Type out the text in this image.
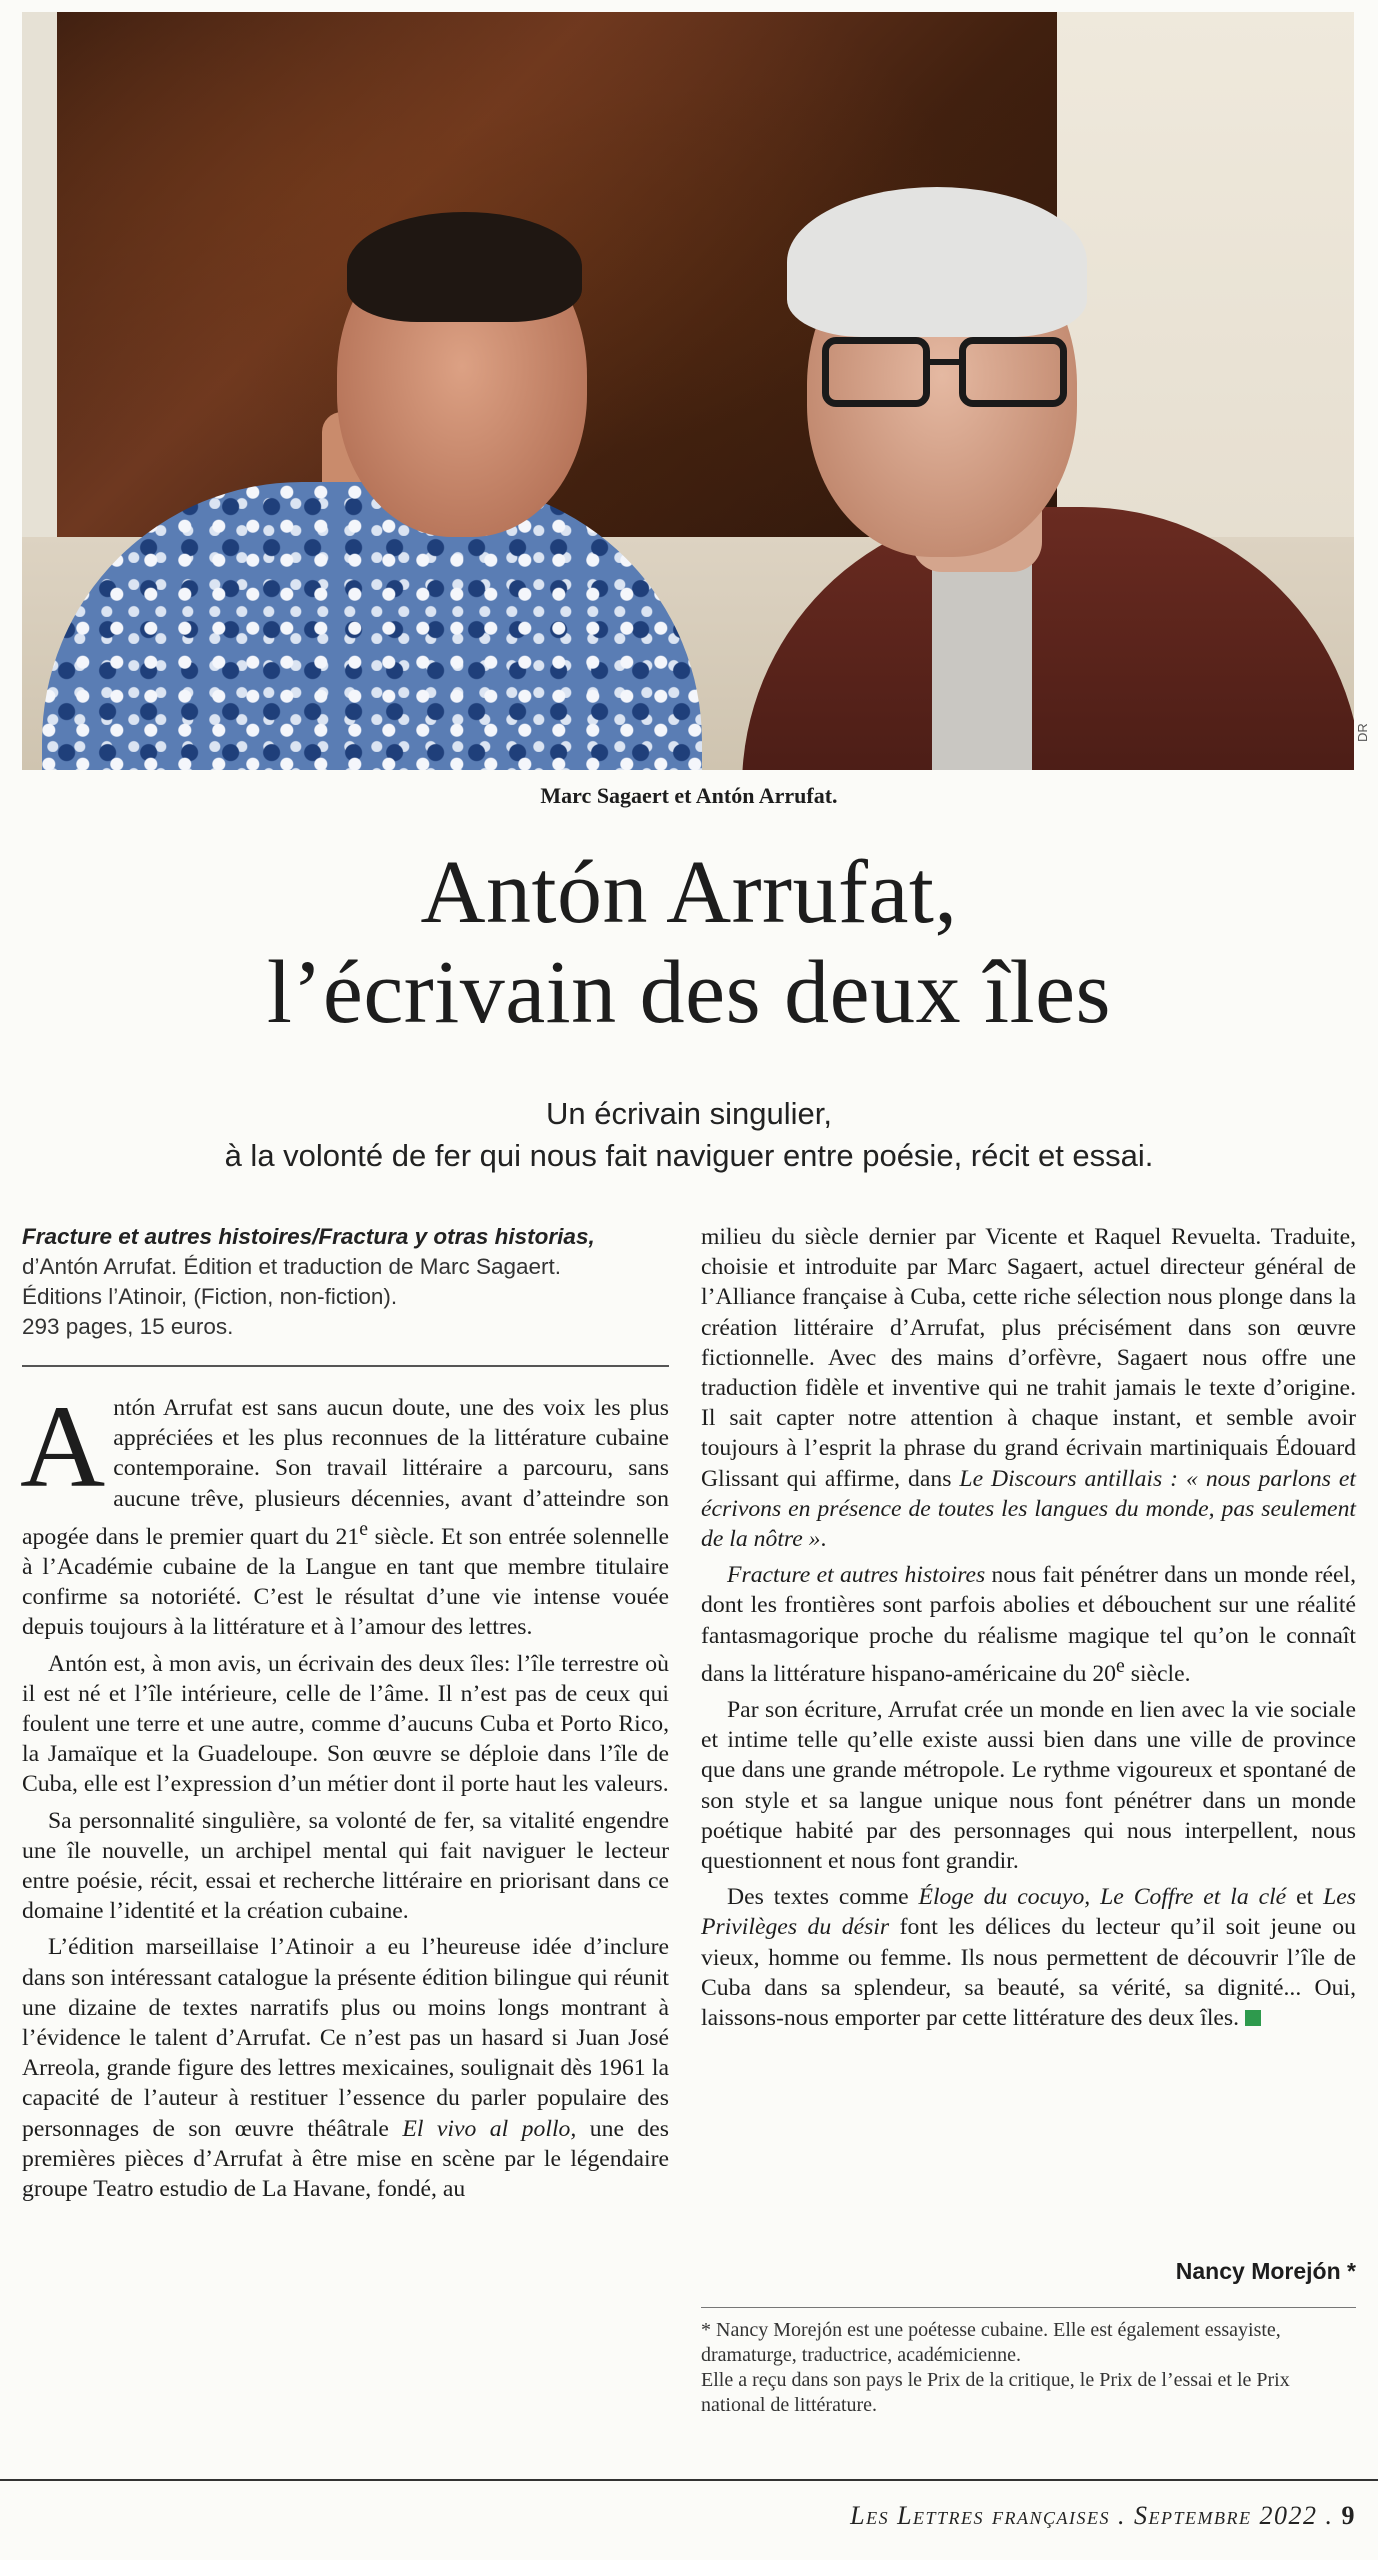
DR
Marc Sagaert et Antón Arrufat.
Antón Arrufat,
l’écrivain des deux îles
Un écrivain singulier,
à la volonté de fer qui nous fait naviguer entre poésie, récit et essai.
Fracture et autres histoires/Fractura y otras historias,
d’Antón Arrufat. Édition et traduction de Marc Sagaert.
Éditions l’Atinoir, (Fiction, non-fiction).
293 pages, 15 euros.

Antón Arrufat est sans aucun doute, une des voix les plus appréciées et les plus reconnues de la littérature cubaine contemporaine. Son travail littéraire a parcouru, sans aucune trêve, plusieurs décennies, avant d’atteindre son apogée dans le premier quart du 21e siècle. Et son entrée solennelle à l’Académie cubaine de la Langue en tant que membre titulaire confirme sa notoriété. C’est le résultat d’une vie intense vouée depuis toujours à la littérature et à l’amour des lettres.

Antón est, à mon avis, un écrivain des deux îles: l’île terrestre où il est né et l’île intérieure, celle de l’âme. Il n’est pas de ceux qui foulent une terre et une autre, comme d’aucuns Cuba et Porto Rico, la Jamaïque et la Guadeloupe. Son œuvre se déploie dans l’île de Cuba, elle est l’expression d’un métier dont il porte haut les valeurs.

Sa personnalité singulière, sa volonté de fer, sa vitalité engendre une île nouvelle, un archipel mental qui fait naviguer le lecteur entre poésie, récit, essai et recherche littéraire en priorisant dans ce domaine l’identité et la création cubaine.

L’édition marseillaise l’Atinoir a eu l’heureuse idée d’inclure dans son intéressant catalogue la présente édition bilingue qui réunit une dizaine de textes narratifs plus ou moins longs montrant à l’évidence le talent d’Arrufat. Ce n’est pas un hasard si Juan José Arreola, grande figure des lettres mexicaines, soulignait dès 1961 la capacité de l’auteur à restituer l’essence du parler populaire des personnages de son œuvre théâtrale El vivo al pollo, une des premières pièces d’Arrufat à être mise en scène par le légendaire groupe Teatro estudio de La Havane, fondé, au

milieu du siècle dernier par Vicente et Raquel Revuelta. Traduite, choisie et introduite par Marc Sagaert, actuel directeur général de l’Alliance française à Cuba, cette riche sélection nous plonge dans la création littéraire d’Arrufat, plus précisément dans son œuvre fictionnelle. Avec des mains d’orfèvre, Sagaert nous offre une traduction fidèle et inventive qui ne trahit jamais le texte d’origine. Il sait capter notre attention à chaque instant, et semble avoir toujours à l’esprit la phrase du grand écrivain martiniquais Édouard Glissant qui affirme, dans Le Discours antillais : « nous parlons et écrivons en présence de toutes les langues du monde, pas seulement de la nôtre ».

Fracture et autres histoires nous fait pénétrer dans un monde réel, dont les frontières sont parfois abolies et débouchent sur une réalité fantasmagorique proche du réalisme magique tel qu’on le connaît dans la littérature hispano-américaine du 20e siècle.

Par son écriture, Arrufat crée un monde en lien avec la vie sociale et intime telle qu’elle existe aussi bien dans une ville de province que dans une grande métropole. Le rythme vigoureux et spontané de son style et sa langue unique nous font pénétrer dans un monde poétique habité par des personnages qui nous interpellent, nous questionnent et nous font grandir.

Des textes comme Éloge du cocuyo, Le Coffre et la clé et Les Privilèges du désir font les délices du lecteur qu’il soit jeune ou vieux, homme ou femme. Ils nous permettent de découvrir l’île de Cuba dans sa splendeur, sa beauté, sa vérité, sa dignité... Oui, laissons-nous emporter par cette littérature des deux îles.

Nancy Morejón *
* Nancy Morejón est une poétesse cubaine. Elle est également essayiste, dramaturge, traductrice, académicienne.
Elle a reçu dans son pays le Prix de la critique, le Prix de l’essai et le Prix national de littérature.
Les Lettres françaises . Septembre 2022 . 9
